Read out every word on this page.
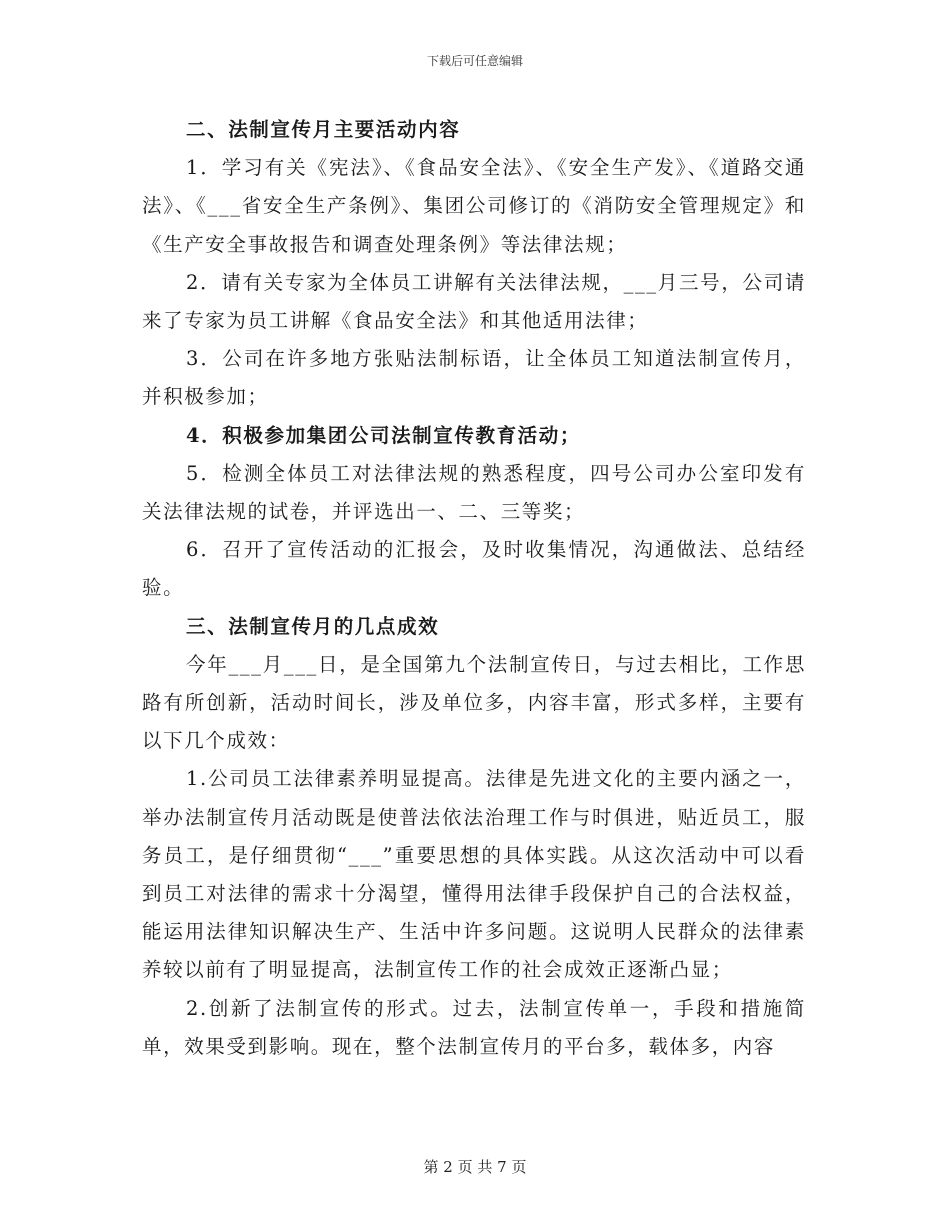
下载后可任意编辑

二、法制宣传月主要活动内容

1．学习有关《宪法》、《食品安全法》、《安全生产发》、《道路交通法》、《___省安全生产条例》、集团公司修订的《消防安全管理规定》和《生产安全事故报告和调查处理条例》等法律法规；

2．请有关专家为全体员工讲解有关法律法规，___月三号，公司请来了专家为员工讲解《食品安全法》和其他适用法律；

3．公司在许多地方张贴法制标语，让全体员工知道法制宣传月，并积极参加；

4．积极参加集团公司法制宣传教育活动；

5．检测全体员工对法律法规的熟悉程度，四号公司办公室印发有关法律法规的试卷，并评选出一、二、三等奖；

6．召开了宣传活动的汇报会，及时收集情况，沟通做法、总结经验。

三、法制宣传月的几点成效

今年___月___日，是全国第九个法制宣传日，与过去相比，工作思路有所创新，活动时间长，涉及单位多，内容丰富，形式多样，主要有以下几个成效：

1.公司员工法律素养明显提高。法律是先进文化的主要内涵之一，举办法制宣传月活动既是使普法依法治理工作与时俱进，贴近员工，服务员工，是仔细贯彻“___”重要思想的具体实践。从这次活动中可以看到员工对法律的需求十分渴望，懂得用法律手段保护自己的合法权益，能运用法律知识解决生产、生活中许多问题。这说明人民群众的法律素养较以前有了明显提高，法制宣传工作的社会成效正逐渐凸显；

2.创新了法制宣传的形式。过去，法制宣传单一，手段和措施简单，效果受到影响。现在，整个法制宣传月的平台多，载体多，内容

第 2 页 共 7 页
